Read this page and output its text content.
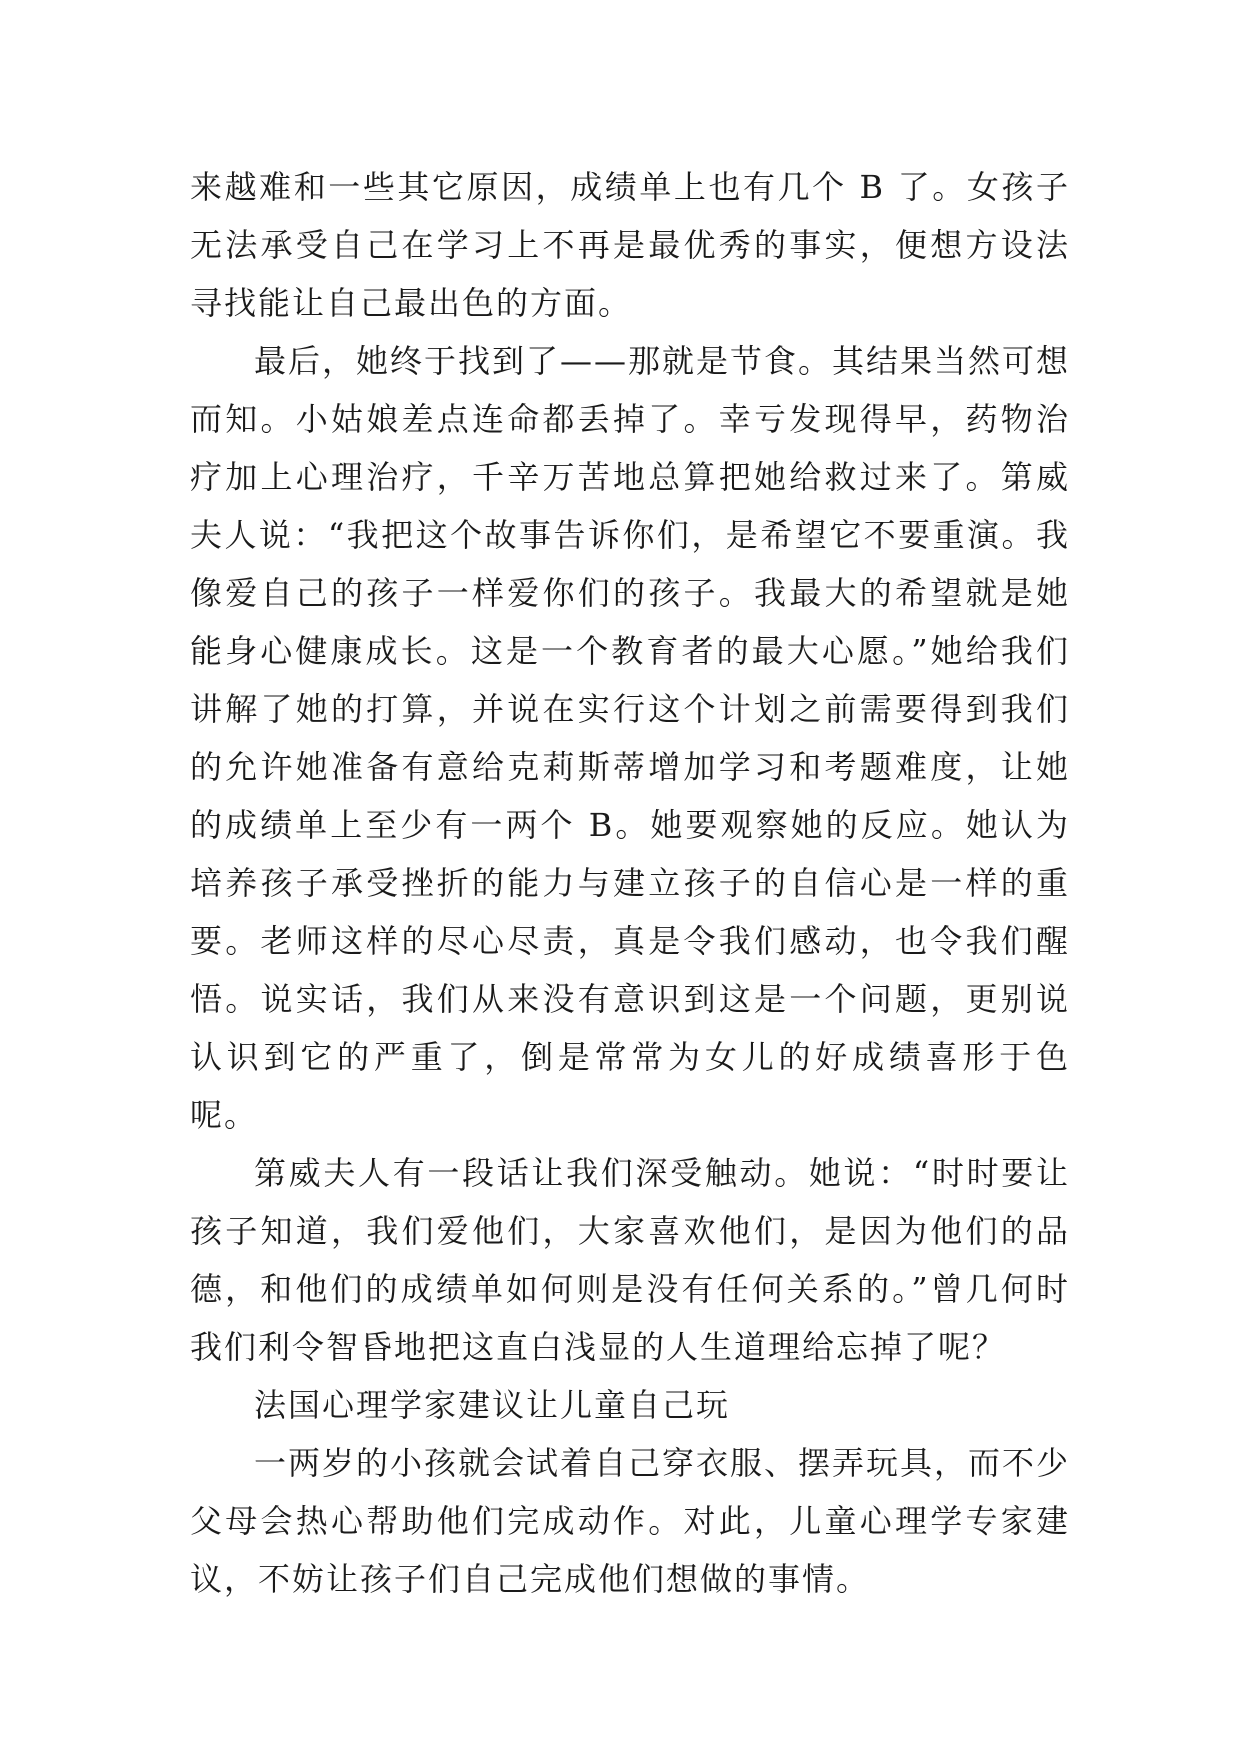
来越难和一些其它原因，成绩单上也有几个 B 了。女孩子无法承受自己在学习上不再是最优秀的事实，便想方设法寻找能让自己最出色的方面。

最后，她终于找到了——那就是节食。其结果当然可想而知。小姑娘差点连命都丢掉了。幸亏发现得早，药物治疗加上心理治疗，千辛万苦地总算把她给救过来了。第威夫人说：“我把这个故事告诉你们，是希望它不要重演。我像爱自己的孩子一样爱你们的孩子。我最大的希望就是她能身心健康成长。这是一个教育者的最大心愿。”她给我们讲解了她的打算，并说在实行这个计划之前需要得到我们的允许她准备有意给克莉斯蒂增加学习和考题难度，让她的成绩单上至少有一两个 B。她要观察她的反应。她认为培养孩子承受挫折的能力与建立孩子的自信心是一样的重要。老师这样的尽心尽责，真是令我们感动，也令我们醒悟。说实话，我们从来没有意识到这是一个问题，更别说认识到它的严重了，倒是常常为女儿的好成绩喜形于色呢。

第威夫人有一段话让我们深受触动。她说：“时时要让孩子知道，我们爱他们，大家喜欢他们，是因为他们的品德，和他们的成绩单如何则是没有任何关系的。”曾几何时我们利令智昏地把这直白浅显的人生道理给忘掉了呢？

法国心理学家建议让儿童自己玩

一两岁的小孩就会试着自己穿衣服、摆弄玩具，而不少父母会热心帮助他们完成动作。对此，儿童心理学专家建议，不妨让孩子们自己完成他们想做的事情。
